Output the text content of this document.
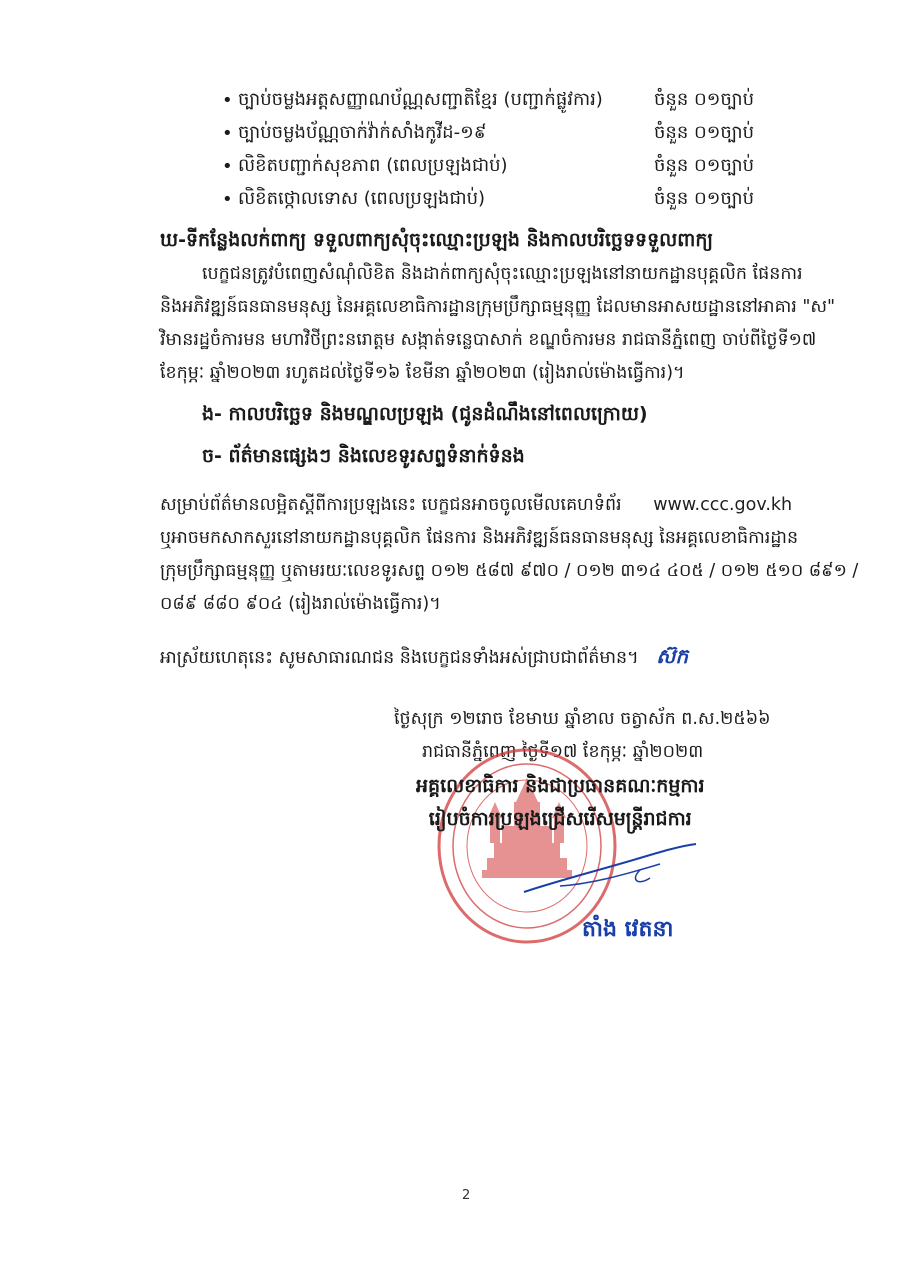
• ច្បាប់ចម្លងអត្តសញ្ញាណប័ណ្ណសញ្ជាតិខ្មែរ (បញ្ជាក់ផ្លូវការ)	ចំនួន ០១ច្បាប់
• ច្បាប់ចម្លងប័ណ្ណចាក់វ៉ាក់សាំងកូវីដ-១៩	ចំនួន ០១ច្បាប់
• លិខិតបញ្ជាក់សុខភាព (ពេលប្រឡងជាប់)	ចំនួន ០១ច្បាប់
• លិខិតថ្កោលទោស (ពេលប្រឡងជាប់)	ចំនួន ០១ច្បាប់
ឃ-ទីកន្លែងលក់ពាក្យ ទទួលពាក្យសុំចុះឈ្មោះប្រឡង និងកាលបរិច្ឆេទទទួលពាក្យ
បេក្ខជនត្រូវបំពេញសំណុំលិខិត និងដាក់ពាក្យសុំចុះឈ្មោះប្រឡងនៅនាយកដ្ឋានបុគ្គលិក ផែនការ
និងអភិវឌ្ឍន៍ធនធានមនុស្ស នៃអគ្គលេខាធិការដ្ឋានក្រុមប្រឹក្សាធម្មនុញ្ញ ដែលមានអាសយដ្ឋាននៅអាគារ "ស"
វិមានរដ្ឋចំការមន មហាវិថីព្រះនរោត្តម សង្កាត់ទន្លេបាសាក់ ខណ្ឌចំការមន រាជធានីភ្នំពេញ ចាប់ពីថ្ងៃទី១៧
ខែកុម្ភៈ ឆ្នាំ២០២៣ រហូតដល់ថ្ងៃទី១៦ ខែមីនា ឆ្នាំ២០២៣ (រៀងរាល់ម៉ោងធ្វើការ)។
ង- កាលបរិច្ឆេទ និងមណ្ឌលប្រឡង (ជូនដំណឹងនៅពេលក្រោយ)
ច- ព័ត៌មានផ្សេងៗ និងលេខទូរសព្ទទំនាក់ទំនង
សម្រាប់ព័ត៌មានលម្អិតស្ដីពីការប្រឡងនេះ បេក្ខជនអាចចូលមើលគេហទំព័រ www.ccc.gov.kh
ឬអាចមកសាកសួរនៅនាយកដ្ឋានបុគ្គលិក ផែនការ និងអភិវឌ្ឍន៍ធនធានមនុស្ស នៃអគ្គលេខាធិការដ្ឋាន
ក្រុមប្រឹក្សាធម្មនុញ្ញ ឬតាមរយៈលេខទូរសព្ទ ០១២ ៥៨៧ ៩៧០ / ០១២ ៣១៤ ៤០៥ / ០១២ ៥១០ ៨៩១ /
០៨៩ ៨៨០ ៩០៤ (រៀងរាល់ម៉ោងធ្វើការ)។
អាស្រ័យហេតុនេះ សូមសាធារណជន និងបេក្ខជនទាំងអស់ជ្រាបជាព័ត៌មាន។ ស៊ក
ថ្ងៃសុក្រ ១២រោច ខែមាឃ ឆ្នាំខាល ចត្វាស័ក ព.ស.២៥៦៦
រាជធានីភ្នំពេញ ថ្ងៃទី១៧ ខែកុម្ភៈ ឆ្នាំ២០២៣
អគ្គលេខាធិការ និងជាប្រធានគណៈកម្មការ
រៀបចំការប្រឡងជ្រើសរើសមន្ត្រីរាជការ
តាំង វេតនា
2
